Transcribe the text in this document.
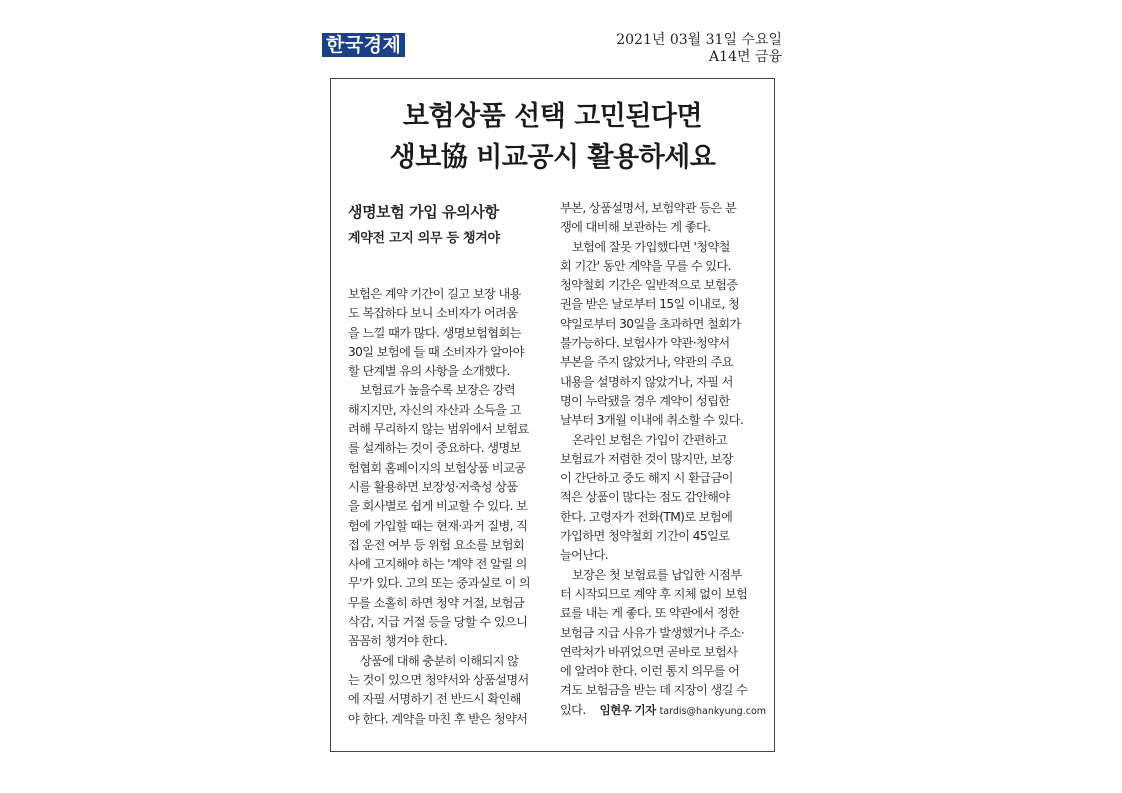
한국경제	2021년 03월 31일 수요일
A14면 금융
보험상품 선택 고민된다면
생보協 비교공시 활용하세요
생명보험 가입 유의사항
계약전 고지 의무 등 챙겨야
보험은 계약 기간이 길고 보장 내용
도 복잡하다 보니 소비자가 어려움
을 느낄 때가 많다. 생명보험협회는
30일 보험에 들 때 소비자가 알아야
할 단계별 유의 사항을 소개했다.
보험료가 높을수록 보장은 강력
해지지만, 자신의 자산과 소득을 고
려해 무리하지 않는 범위에서 보험료
를 설계하는 것이 중요하다. 생명보
험협회 홈페이지의 보험상품 비교공
시를 활용하면 보장성·저축성 상품
을 회사별로 쉽게 비교할 수 있다. 보
험에 가입할 때는 현재·과거 질병, 직
접 운전 여부 등 위험 요소를 보험회
사에 고지해야 하는 '계약 전 알릴 의
무'가 있다. 고의 또는 중과실로 이 의
무를 소홀히 하면 청약 거절, 보험금
삭감, 지급 거절 등을 당할 수 있으니
꼼꼼히 챙겨야 한다.
상품에 대해 충분히 이해되지 않
는 것이 있으면 청약서와 상품설명서
에 자필 서명하기 전 반드시 확인해
야 한다. 계약을 마친 후 받은 청약서
부본, 상품설명서, 보험약관 등은 분
쟁에 대비해 보관하는 게 좋다.
보험에 잘못 가입했다면 '청약철
회 기간' 동안 계약을 무를 수 있다.
청약철회 기간은 일반적으로 보험증
권을 받은 날로부터 15일 이내로, 청
약일로부터 30일을 초과하면 철회가
불가능하다. 보험사가 약관·청약서
부본을 주지 않았거나, 약관의 주요
내용을 설명하지 않았거나, 자필 서
명이 누락됐을 경우 계약이 성립한
날부터 3개월 이내에 취소할 수 있다.
온라인 보험은 가입이 간편하고
보험료가 저렴한 것이 많지만, 보장
이 간단하고 중도 해지 시 환급금이
적은 상품이 많다는 점도 감안해야
한다. 고령자가 전화(TM)로 보험에
가입하면 청약철회 기간이 45일로
늘어난다.
보장은 첫 보험료를 납입한 시점부
터 시작되므로 계약 후 지체 없이 보험
료를 내는 게 좋다. 또 약관에서 정한
보험금 지급 사유가 발생했거나 주소·
연락처가 바뀌었으면 곧바로 보험사
에 알려야 한다. 이런 통지 의무를 어
겨도 보험금을 받는 데 지장이 생길 수
있다. 임현우 기자 tardis@hankyung.com
